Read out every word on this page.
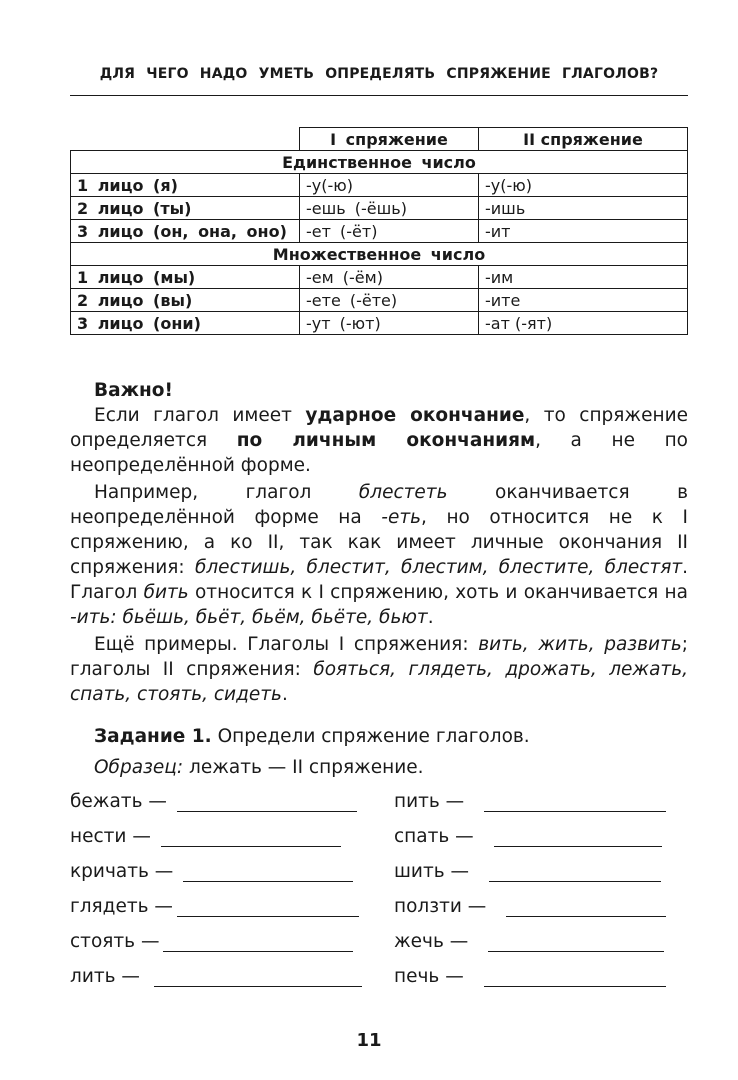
ДЛЯ ЧЕГО НАДО УМЕТЬ ОПРЕДЕЛЯТЬ СПРЯЖЕНИЕ ГЛАГОЛОВ?
	I спряжение	II спряжение
Единственное число		
1 лицо (я)	-у(-ю)	-у(-ю)
2 лицо (ты)	-ешь (-ёшь)	-ишь
3 лицо (он, она, оно)	-ет (-ёт)	-ит
Множественное число		
1 лицо (мы)	-ем (-ём)	-им
2 лицо (вы)	-ете (-ёте)	-ите
3 лицо (они)	-ут (-ют)	-ат (-ят)
Важно!

Если глагол имеет ударное окончание, то спряжение определяется по личным окончаниям, а не по неопределённой форме.

Например, глагол блестеть оканчивается в неопределённой форме на -еть, но относится не к I спряжению, а ко II, так как имеет личные окончания II спряжения: блестишь, блестит, блестим, блестите, блестят. Глагол бить относится к I спряжению, хоть и оканчивается на -ить: бьёшь, бьёт, бьём, бьёте, бьют.

Ещё примеры. Глаголы I спряжения: вить, жить, развить; глаголы II спряжения: бояться, глядеть, дрожать, лежать, спать, стоять, сидеть.

Задание 1. Определи спряжение глаголов.
Образец: лежать — II спряжение.
бежать —	пить —
нести —	спать —
кричать —	шить —
глядеть —	ползти —
стоять —	жечь —
лить —	печь —
11
